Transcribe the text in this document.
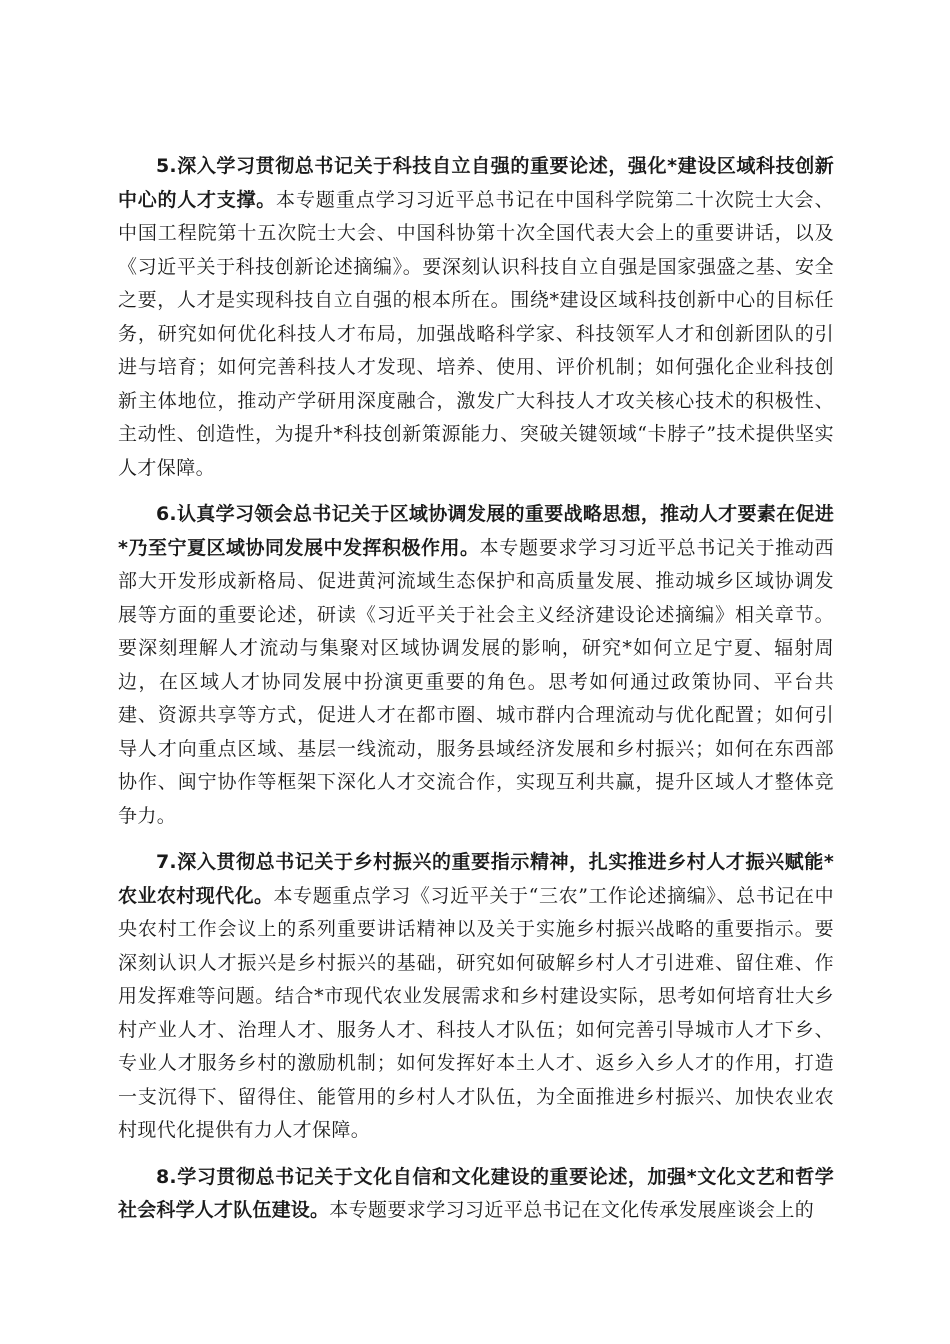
5.深入学习贯彻总书记关于科技自立自强的重要论述，强化*建设区域科技创新中心的人才支撑。本专题重点学习习近平总书记在中国科学院第二十次院士大会、中国工程院第十五次院士大会、中国科协第十次全国代表大会上的重要讲话，以及《习近平关于科技创新论述摘编》。要深刻认识科技自立自强是国家强盛之基、安全之要，人才是实现科技自立自强的根本所在。围绕*建设区域科技创新中心的目标任务，研究如何优化科技人才布局，加强战略科学家、科技领军人才和创新团队的引进与培育；如何完善科技人才发现、培养、使用、评价机制；如何强化企业科技创新主体地位，推动产学研用深度融合，激发广大科技人才攻关核心技术的积极性、主动性、创造性，为提升*科技创新策源能力、突破关键领域“卡脖子”技术提供坚实人才保障。

6.认真学习领会总书记关于区域协调发展的重要战略思想，推动人才要素在促进*乃至宁夏区域协同发展中发挥积极作用。本专题要求学习习近平总书记关于推动西部大开发形成新格局、促进黄河流域生态保护和高质量发展、推动城乡区域协调发展等方面的重要论述，研读《习近平关于社会主义经济建设论述摘编》相关章节。要深刻理解人才流动与集聚对区域协调发展的影响，研究*如何立足宁夏、辐射周边，在区域人才协同发展中扮演更重要的角色。思考如何通过政策协同、平台共建、资源共享等方式，促进人才在都市圈、城市群内合理流动与优化配置；如何引导人才向重点区域、基层一线流动，服务县域经济发展和乡村振兴；如何在东西部协作、闽宁协作等框架下深化人才交流合作，实现互利共赢，提升区域人才整体竞争力。

7.深入贯彻总书记关于乡村振兴的重要指示精神，扎实推进乡村人才振兴赋能*农业农村现代化。本专题重点学习《习近平关于“三农”工作论述摘编》、总书记在中央农村工作会议上的系列重要讲话精神以及关于实施乡村振兴战略的重要指示。要深刻认识人才振兴是乡村振兴的基础，研究如何破解乡村人才引进难、留住难、作用发挥难等问题。结合*市现代农业发展需求和乡村建设实际，思考如何培育壮大乡村产业人才、治理人才、服务人才、科技人才队伍；如何完善引导城市人才下乡、专业人才服务乡村的激励机制；如何发挥好本土人才、返乡入乡人才的作用，打造一支沉得下、留得住、能管用的乡村人才队伍，为全面推进乡村振兴、加快农业农村现代化提供有力人才保障。

8.学习贯彻总书记关于文化自信和文化建设的重要论述，加强*文化文艺和哲学社会科学人才队伍建设。本专题要求学习习近平总书记在文化传承发展座谈会上的
